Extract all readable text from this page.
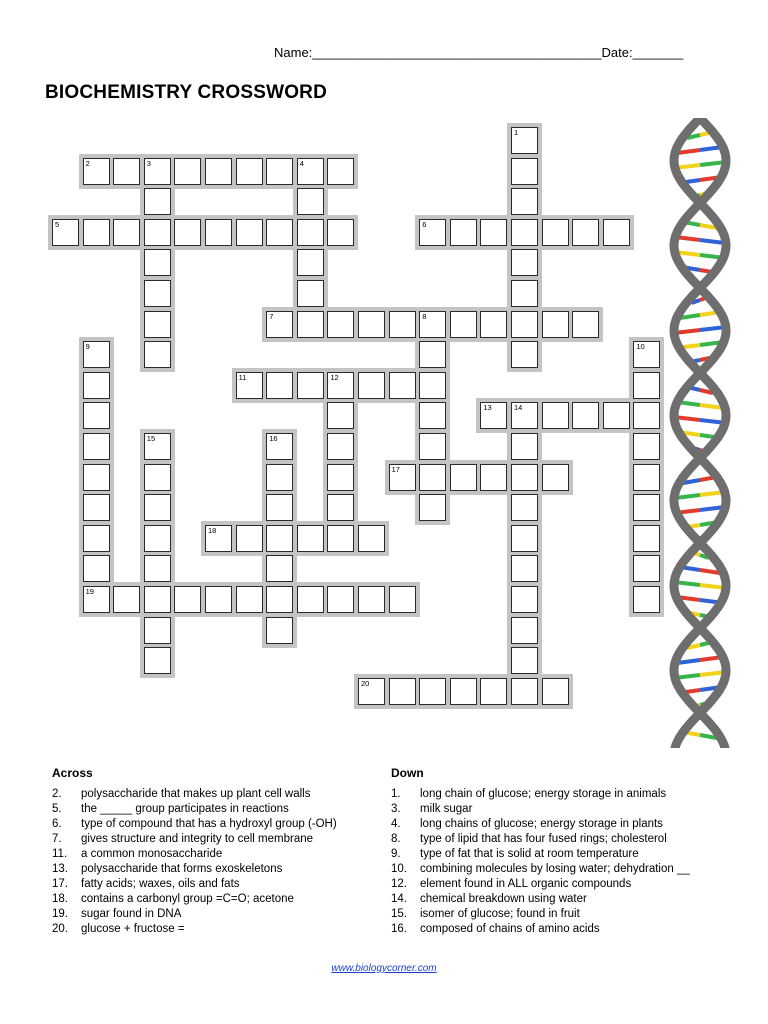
Name:________________________________________Date:_______
BIOCHEMISTRY CROSSWORD
1
2	3	4
5	6
7	8
9
19
10
11	12
13	14
15	16
17
18
20
Across
2.	polysaccharide that makes up plant cell walls
5.	the _____ group participates in reactions
6.	type of compound that has a hydroxyl group (-OH)
7.	gives structure and integrity to cell membrane
11.	a common monosaccharide
13.	polysaccharide that forms exoskeletons
17.	fatty acids; waxes, oils and fats
18.	contains a carbonyl group =C=O; acetone
19.	sugar found in DNA
20.	glucose + fructose =
Down
1.	long chain of glucose; energy storage in animals
3.	milk sugar
4.	long chains of glucose; energy storage in plants
8.	type of lipid that has four fused rings; cholesterol
9.	type of fat that is solid at room temperature
10.	combining molecules by losing water; dehydration __
12.	element found in ALL organic compounds
14.	chemical breakdown using water
15.	isomer of glucose; found in fruit
16.	composed of chains of amino acids
www.biologycorner.com
